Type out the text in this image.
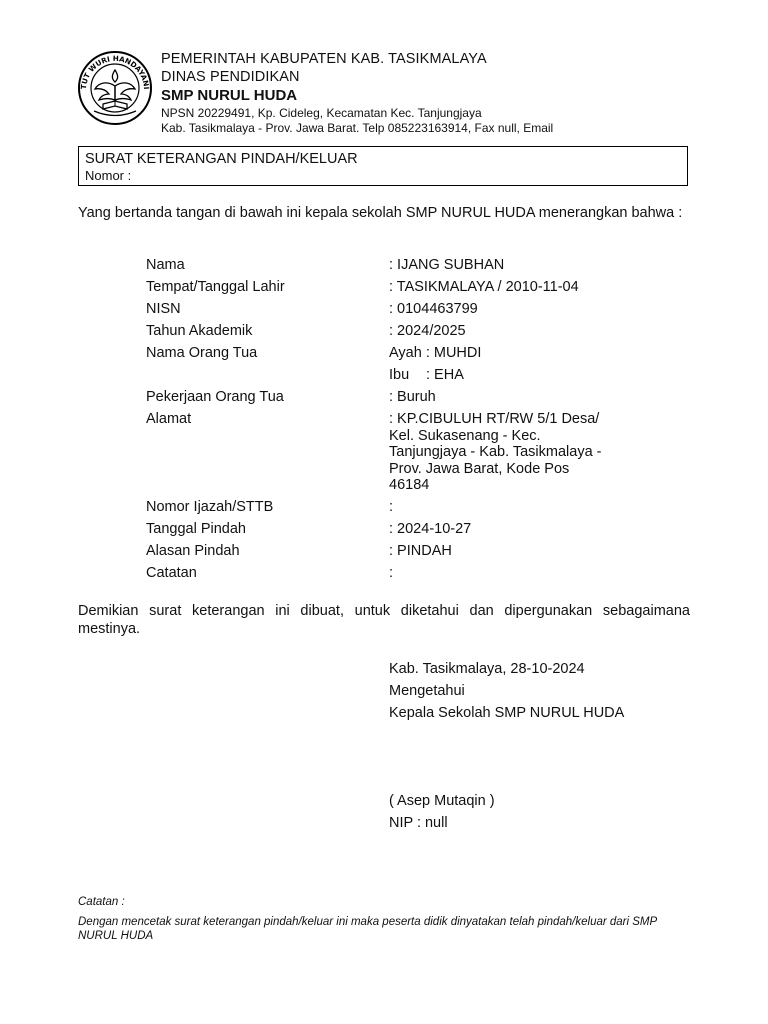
TUT WURI HANDAYANI
PEMERINTAH KABUPATEN KAB. TASIKMALAYA
DINAS PENDIDIKAN
SMP NURUL HUDA
NPSN 20229491, Kp. Cideleg, Kecamatan Kec. Tanjungjaya
Kab. Tasikmalaya - Prov. Jawa Barat. Telp 085223163914, Fax null, Email
SURAT KETERANGAN PINDAH/KELUAR
Nomor :
Yang bertanda tangan di bawah ini kepala sekolah SMP NURUL HUDA menerangkan bahwa :
Nama	: IJANG SUBHAN
Tempat/Tanggal Lahir	: TASIKMALAYA / 2010-11-04
NISN	: 0104463799
Tahun Akademik	: 2024/2025
Nama Orang Tua	Ayah : MUHDI
Ibu : EHA
Pekerjaan Orang Tua	: Buruh
Alamat	: KP.CIBULUH RT/RW 5/1 Desa/
Kel. Sukasenang - Kec.
Tanjungjaya - Kab. Tasikmalaya -
Prov. Jawa Barat, Kode Pos
46184
Nomor Ijazah/STTB	:
Tanggal Pindah	: 2024-10-27
Alasan Pindah	: PINDAH
Catatan	:
Demikian surat keterangan ini dibuat, untuk diketahui dan dipergunakan sebagaimana mestinya.
Kab. Tasikmalaya, 28-10-2024
Mengetahui
Kepala Sekolah SMP NURUL HUDA
( Asep Mutaqin )
NIP : null
Catatan :
Dengan mencetak surat keterangan pindah/keluar ini maka peserta didik dinyatakan telah pindah/keluar dari SMP NURUL HUDA
